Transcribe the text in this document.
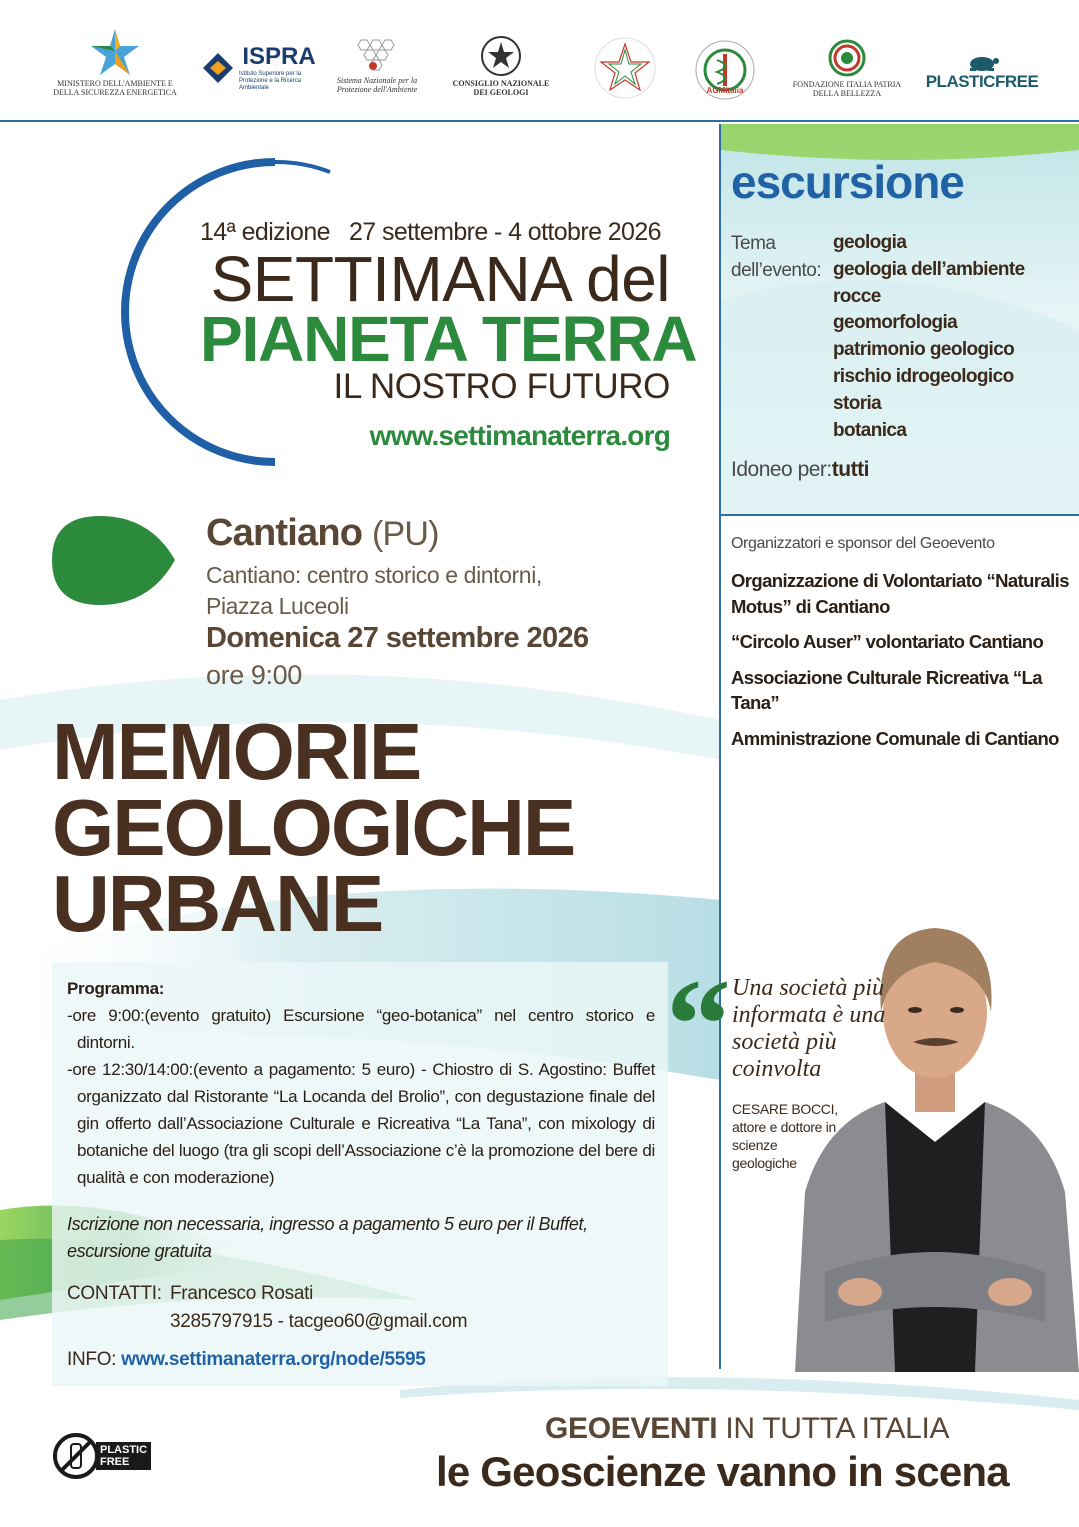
MINISTERO DELL'AMBIENTE E DELLA SICUREZZA ENERGETICA
ISPRA
Istituto Superiore per la Protezione e la Ricerca Ambientale
Sistema Nazionale per la Protezione dell'Ambiente
CONSIGLIO NAZIONALE DEI GEOLOGI	AGMItalia
FONDAZIONE ITALIA PATRIA DELLA BELLEZZA
PLASTICFREE
14ª edizione 27 settembre - 4 ottobre 2026
SETTIMANA del
PIANETA TERRA
IL NOSTRO FUTURO
www.settimanaterra.org
Cantiano (PU)
Cantiano: centro storico e dintorni,
Piazza Luceoli
Domenica 27 settembre 2026
ore 9:00
MEMORIE
GEOLOGICHE
URBANE
Programma:
-ore 9:00:(evento gratuito) Escursione “geo-botanica” nel centro storico e dintorni.
-ore 12:30/14:00:(evento a pagamento: 5 euro) - Chiostro di S. Agostino: Buffet organizzato dal Ristorante “La Locanda del Brolio”, con degustazione finale del gin offerto dall’Associazione Culturale e Ricreativa “La Tana”, con mixology di botaniche del luogo (tra gli scopi dell’Associazione c’è la promozione del bere di qualità e con moderazione)
Iscrizione non necessaria, ingresso a pagamento 5 euro per il Buffet, escursione gratuita
CONTATTI: Francesco Rosati
3285797915 - tacgeo60@gmail.com
INFO: www.settimanaterra.org/node/5595
escursione
Tema
dell’evento:
geologia
geologia dell’ambiente
rocce
geomorfologia
patrimonio geologico
rischio idrogeologico
storia
botanica
Idoneo per:tutti
Organizzatori e sponsor del Geoevento
Organizzazione di Volontariato “Naturalis Motus” di Cantiano
“Circolo Auser” volontariato Cantiano
Associazione Culturale Ricreativa “La Tana”
Amministrazione Comunale di Cantiano
“ Una società più informata è una società più coinvolta
CESARE BOCCI,
attore e dottore in scienze geologiche
PLASTIC
FREE
GEOEVENTI IN TUTTA ITALIA
le Geoscienze vanno in scena
